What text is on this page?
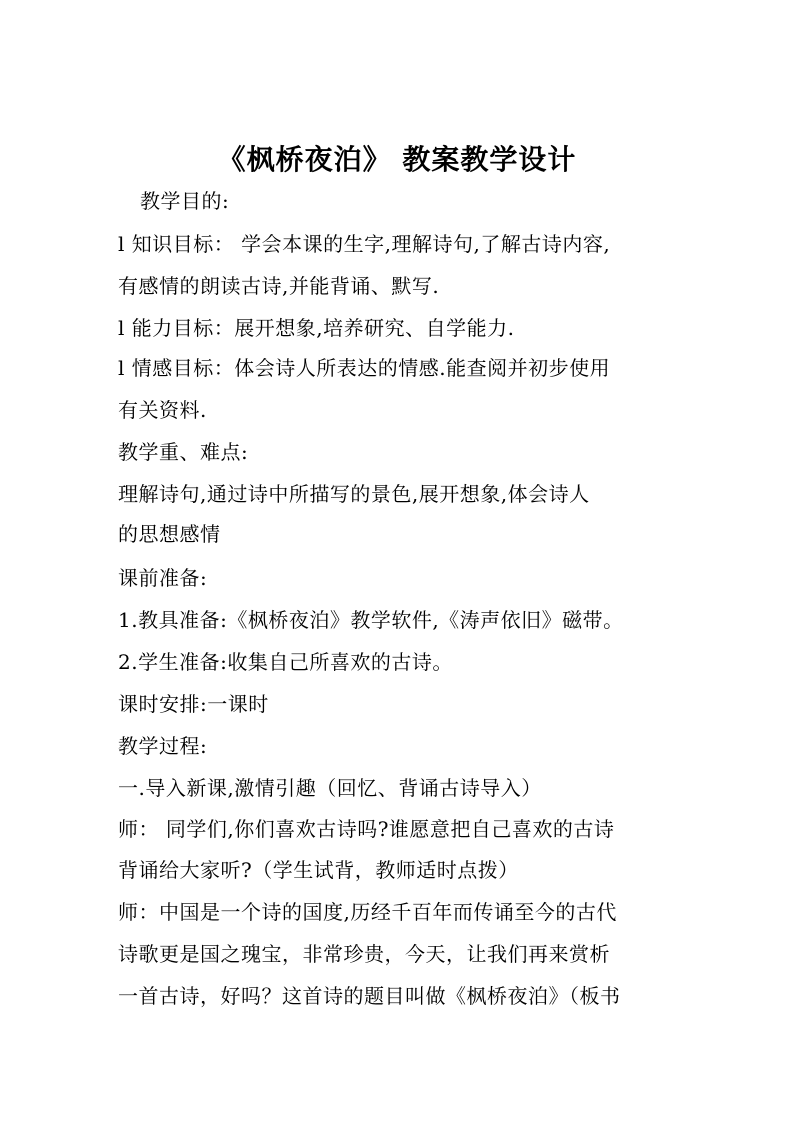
《枫桥夜泊》 教案教学设计
教学目的:
l 知识目标： 学会本课的生字,理解诗句,了解古诗内容,
有感情的朗读古诗,并能背诵、默写.
l 能力目标：展开想象,培养研究、自学能力.
l 情感目标：体会诗人所表达的情感.能查阅并初步使用
有关资料.
教学重、难点:
理解诗句,通过诗中所描写的景色,展开想象,体会诗人
的思想感情
课前准备:
1.教具准备:《枫桥夜泊》教学软件,《涛声依旧》磁带。
2.学生准备:收集自己所喜欢的古诗。
课时安排:一课时
教学过程:
一.导入新课,激情引趣（回忆、背诵古诗导入）
师： 同学们,你们喜欢古诗吗?谁愿意把自己喜欢的古诗
背诵给大家听?（学生试背，教师适时点拨）
师：中国是一个诗的国度,历经千百年而传诵至今的古代
诗歌更是国之瑰宝，非常珍贵，今天，让我们再来赏析
一首古诗，好吗？这首诗的题目叫做《枫桥夜泊》（板书
